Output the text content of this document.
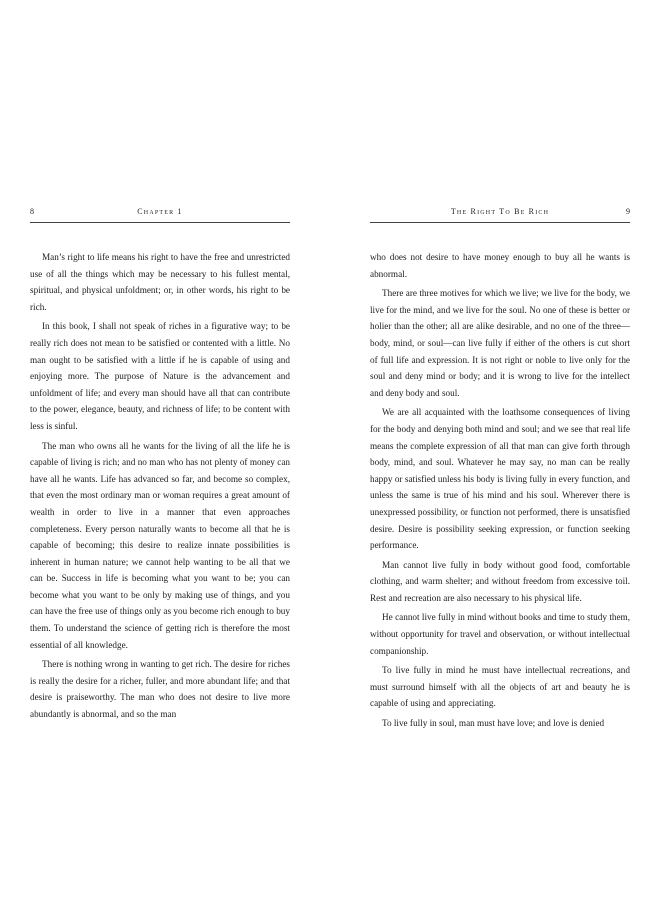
8	Chapter 1

Man’s right to life means his right to have the free and unrestricted use of all the things which may be necessary to his fullest mental, spiritual, and physical unfoldment; or, in other words, his right to be rich.

In this book, I shall not speak of riches in a figurative way; to be really rich does not mean to be satisfied or contented with a little. No man ought to be satisfied with a little if he is capable of using and enjoying more. The purpose of Nature is the advancement and unfoldment of life; and every man should have all that can contribute to the power, elegance, beauty, and richness of life; to be content with less is sinful.

The man who owns all he wants for the living of all the life he is capable of living is rich; and no man who has not plenty of money can have all he wants. Life has advanced so far, and become so complex, that even the most ordinary man or woman requires a great amount of wealth in order to live in a manner that even approaches completeness. Every person naturally wants to become all that he is capable of becoming; this desire to realize innate possibilities is inherent in human nature; we cannot help wanting to be all that we can be. Success in life is becoming what you want to be; you can become what you want to be only by making use of things, and you can have the free use of things only as you become rich enough to buy them. To understand the science of getting rich is therefore the most essential of all knowledge.

There is nothing wrong in wanting to get rich. The desire for riches is really the desire for a richer, fuller, and more abundant life; and that desire is praiseworthy. The man who does not desire to live more abundantly is abnormal, and so the man

The Right To Be Rich	9

who does not desire to have money enough to buy all he wants is abnormal.

There are three motives for which we live; we live for the body, we live for the mind, and we live for the soul. No one of these is better or holier than the other; all are alike desirable, and no one of the three—body, mind, or soul—can live fully if either of the others is cut short of full life and expression. It is not right or noble to live only for the soul and deny mind or body; and it is wrong to live for the intellect and deny body and soul.

We are all acquainted with the loathsome consequences of living for the body and denying both mind and soul; and we see that real life means the complete expression of all that man can give forth through body, mind, and soul. Whatever he may say, no man can be really happy or satisfied unless his body is living fully in every function, and unless the same is true of his mind and his soul. Wherever there is unexpressed possibility, or function not performed, there is unsatisfied desire. Desire is possibility seeking expression, or function seeking performance.

Man cannot live fully in body without good food, comfortable clothing, and warm shelter; and without freedom from excessive toil. Rest and recreation are also necessary to his physical life.

He cannot live fully in mind without books and time to study them, without opportunity for travel and observation, or without intellectual companionship.

To live fully in mind he must have intellectual recreations, and must surround himself with all the objects of art and beauty he is capable of using and appreciating.

To live fully in soul, man must have love; and love is denied
